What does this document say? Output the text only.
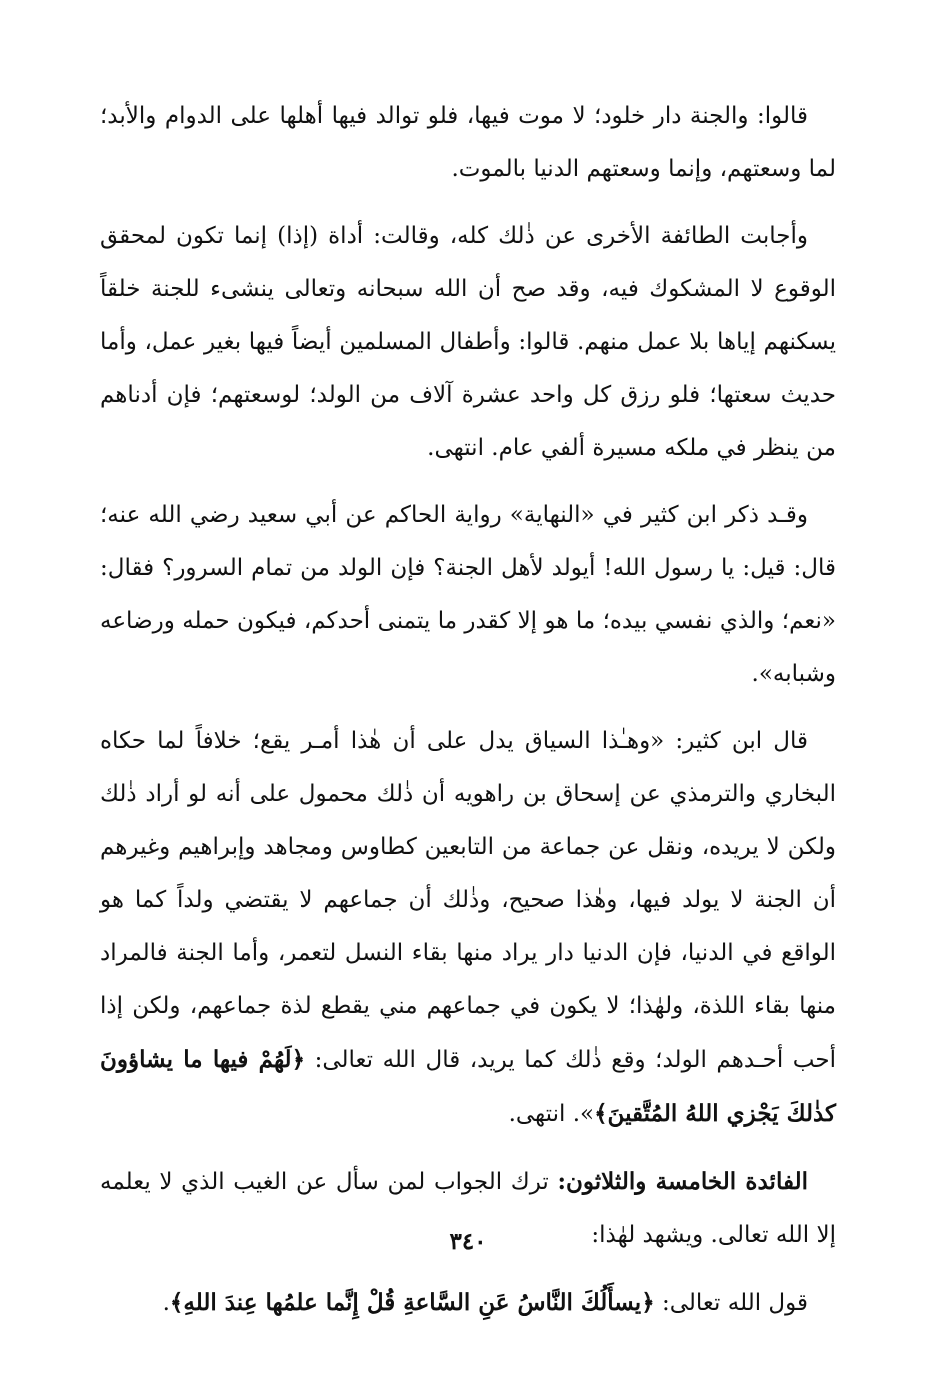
قالوا: والجنة دار خلود؛ لا موت فيها، فلو توالد فيها أهلها على الدوام والأبد؛ لما وسعتهم، وإنما وسعتهم الدنيا بالموت.

وأجابت الطائفة الأخرى عن ذٰلك كله، وقالت: أداة (إذا) إنما تكون لمحقق الوقوع لا المشكوك فيه، وقد صح أن الله سبحانه وتعالى ينشىء للجنة خلقاً يسكنهم إياها بلا عمل منهم. قالوا: وأطفال المسلمين أيضاً فيها بغير عمل، وأما حديث سعتها؛ فلو رزق كل واحد عشرة آلاف من الولد؛ لوسعتهم؛ فإن أدناهم من ينظر في ملكه مسيرة ألفي عام. انتهى.

وقـد ذكر ابن كثير في «النهاية» رواية الحاكم عن أبي سعيد رضي الله عنه؛ قال: قيل: يا رسول الله! أيولد لأهل الجنة؟ فإن الولد من تمام السرور؟ فقال: «نعم؛ والذي نفسي بيده؛ ما هو إلا كقدر ما يتمنى أحدكم، فيكون حمله ورضاعه وشبابه».

قال ابن كثير: «وهـٰذا السياق يدل على أن هٰذا أمـر يقع؛ خلافاً لما حكاه البخاري والترمذي عن إسحاق بن راهويه أن ذٰلك محمول على أنه لو أراد ذٰلك ولكن لا يريده، ونقل عن جماعة من التابعين كطاوس ومجاهد وإبراهيم وغيرهم أن الجنة لا يولد فيها، وهٰذا صحيح، وذٰلك أن جماعهم لا يقتضي ولداً كما هو الواقع في الدنيا، فإن الدنيا دار يراد منها بقاء النسل لتعمر، وأما الجنة فالمراد منها بقاء اللذة، ولهٰذا؛ لا يكون في جماعهم مني يقطع لذة جماعهم، ولكن إذا أحب أحـدهم الولد؛ وقع ذٰلك كما يريد، قال الله تعالى: ﴿لَهُمْ فيها ما يشاؤونَ كذٰلكَ يَجْزي اللهُ المُتَّقينَ﴾». انتهى.

الفائدة الخامسة والثلاثون: ترك الجواب لمن سأل عن الغيب الذي لا يعلمه إلا الله تعالى. ويشهد لهٰذا:

قول الله تعالى: ﴿يسأَلُكَ النَّاسُ عَنِ السَّاعةِ قُلْ إِنَّما علمُها عِندَ اللهِ﴾.

٣٤٠
